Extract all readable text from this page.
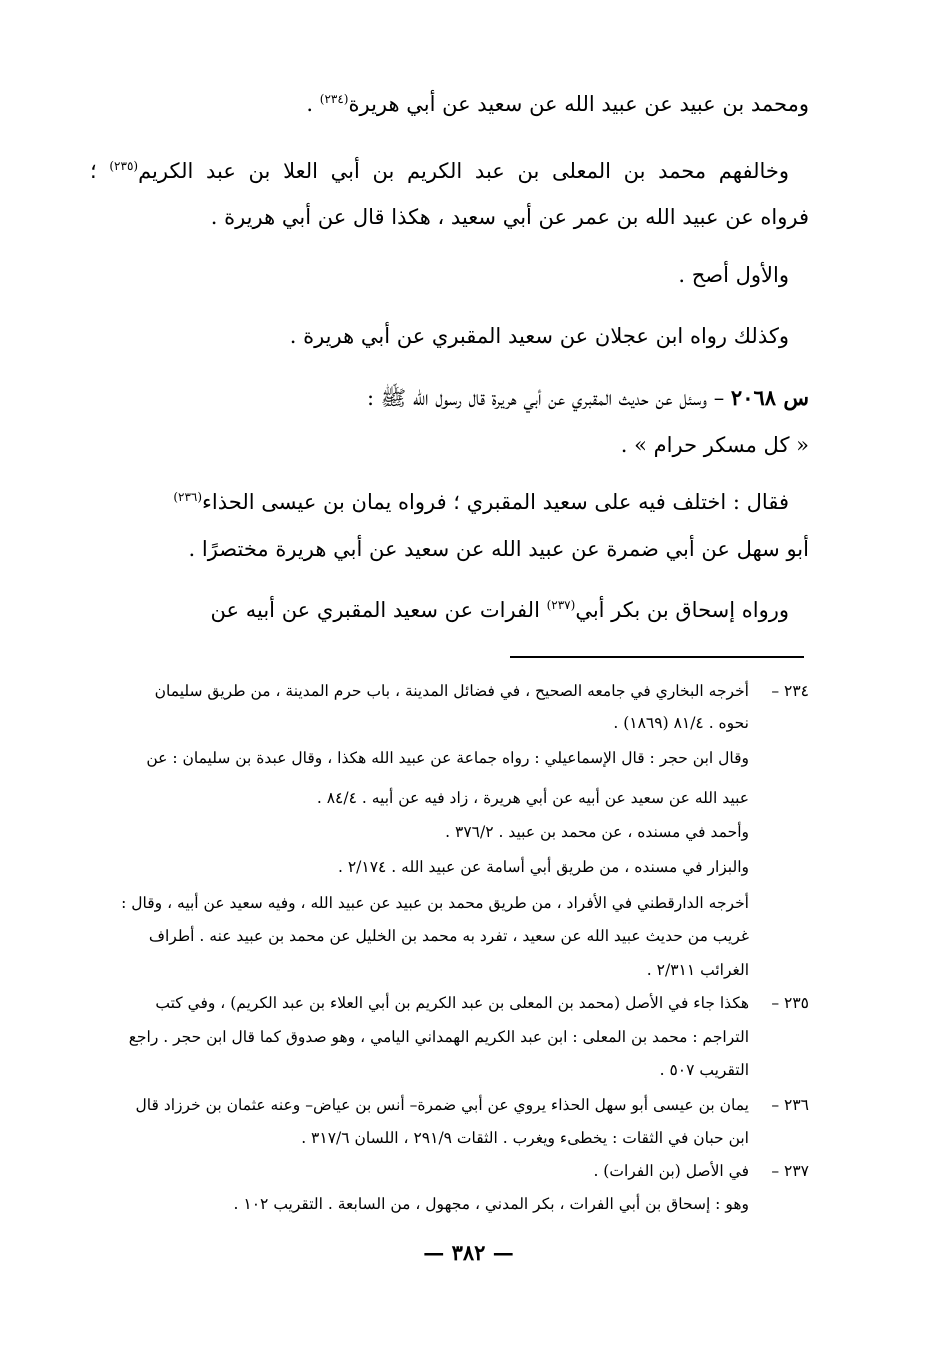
ومحمد بن عبيد عن عبيد الله عن سعيد عن أبي هريرة$^{(٢٣٤)}$ .
وخالفهم محمد بن المعلى بن عبد الكريم بن أبي العلا بن عبد الكريم$^{(٢٣٥)}$ ؛
فرواه عن عبيد الله بن عمر عن أبي سعيد ، هكذا قال عن أبي هريرة .
والأول أصح .
وكذلك رواه ابن عجلان عن سعيد المقبري عن أبي هريرة .
س ٢٠٦٨ – وسئل عن حديث المقبري عن أبي هريرة قال رسول الله ﷺ :
« كل مسكر حرام » .
فقال : اختلف فيه على سعيد المقبري ؛ فرواه يمان بن عيسى الحذاء$^{(٢٣٦)}$
أبو سهل عن أبي ضمرة عن عبيد الله عن سعيد عن أبي هريرة مختصرًا .
ورواه إسحاق بن بكر أبي$^{(٢٣٧)}$ الفرات عن سعيد المقبري عن أبيه عن
٢٣٤ –
أخرجه البخاري في جامعه الصحيح ، في فضائل المدينة ، باب حرم المدينة ، من طريق سليمان
نحوه . ٨١/٤ (١٨٦٩) .
وقال ابن حجر : قال الإسماعيلي : رواه جماعة عن عبيد الله هكذا ، وقال عبدة بن سليمان : عن
عبيد الله عن سعيد عن أبيه عن أبي هريرة ، زاد فيه عن أبيه . ٨٤/٤ .
وأحمد في مسنده ، عن محمد بن عبيد . ٣٧٦/٢ .
والبزار في مسنده ، من طريق أبي أسامة عن عبيد الله . ٢/١٧٤ .
أخرجه الدارقطني في الأفراد ، من طريق محمد بن عبيد عن عبيد الله ، وفيه سعيد عن أبيه ، وقال :
غريب من حديث عبيد الله عن سعيد ، تفرد به محمد بن الخليل عن محمد بن عبيد عنه . أطراف
الغرائب ٢/٣١١ .
٢٣٥ –
هكذا جاء في الأصل (محمد بن المعلى بن عبد الكريم بن أبي العلاء بن عبد الكريم) ، وفي كتب
التراجم : محمد بن المعلى : ابن عبد الكريم الهمداني اليامي ، وهو صدوق كما قال ابن حجر . راجع
التقريب ٥٠٧ .
٢٣٦ –
يمان بن عيسى أبو سهل الحذاء يروي عن أبي ضمرة– أنس بن عياض– وعنه عثمان بن خرزاد قال
ابن حبان في الثقات : يخطىء ويغرب . الثقات ٢٩١/٩ ، اللسان ٣١٧/٦ .
٢٣٧ –
في الأصل (بن الفرات) .
وهو : إسحاق بن أبي الفرات ، بكر المدني ، مجهول ، من السابعة . التقريب ١٠٢ .
— ٣٨٢ —
